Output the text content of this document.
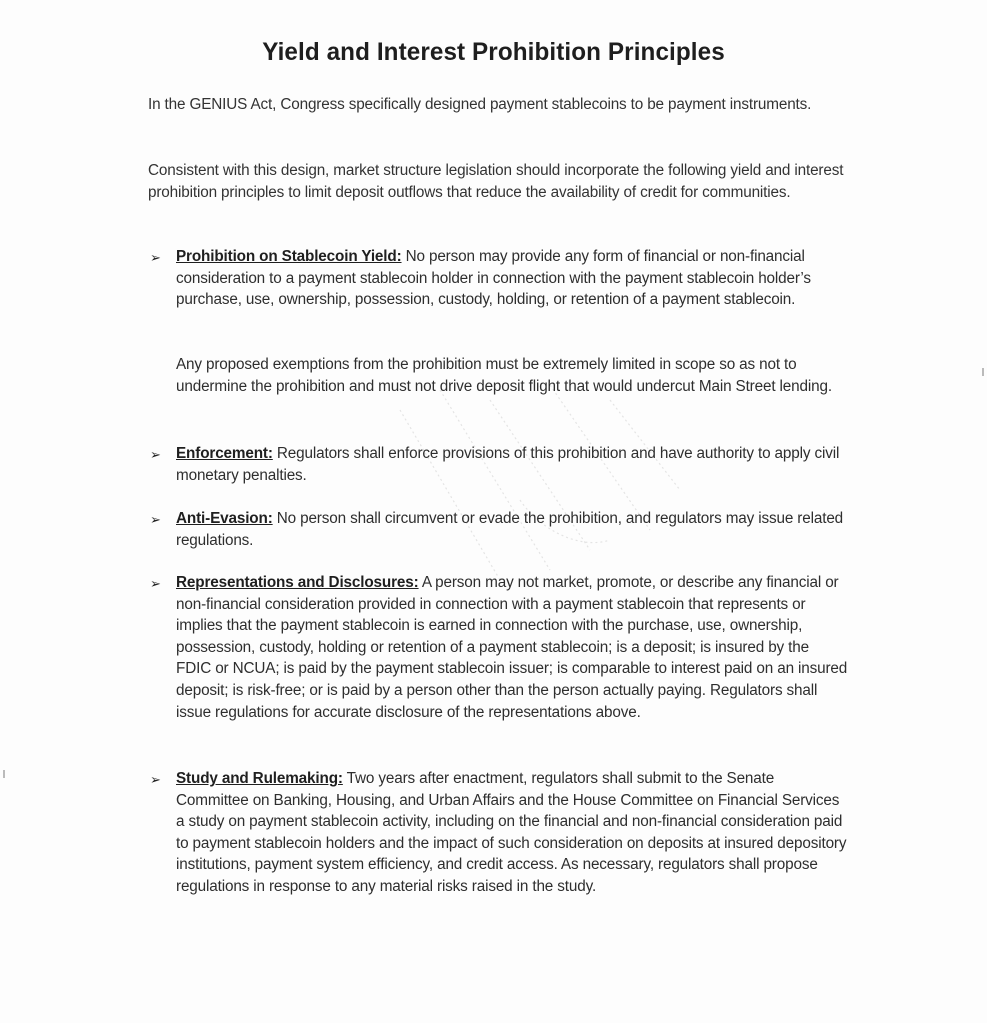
Yield and Interest Prohibition Principles
In the GENIUS Act, Congress specifically designed payment stablecoins to be payment instruments.
Consistent with this design, market structure legislation should incorporate the following yield and interest prohibition principles to limit deposit outflows that reduce the availability of credit for communities.
➢ Prohibition on Stablecoin Yield: No person may provide any form of financial or non-financial consideration to a payment stablecoin holder in connection with the payment stablecoin holder’s purchase, use, ownership, possession, custody, holding, or retention of a payment stablecoin.
Any proposed exemptions from the prohibition must be extremely limited in scope so as not to undermine the prohibition and must not drive deposit flight that would undercut Main Street lending.
➢ Enforcement: Regulators shall enforce provisions of this prohibition and have authority to apply civil monetary penalties.
➢ Anti-Evasion: No person shall circumvent or evade the prohibition, and regulators may issue related regulations.
➢ Representations and Disclosures: A person may not market, promote, or describe any financial or non-financial consideration provided in connection with a payment stablecoin that represents or implies that the payment stablecoin is earned in connection with the purchase, use, ownership, possession, custody, holding or retention of a payment stablecoin; is a deposit; is insured by the FDIC or NCUA; is paid by the payment stablecoin issuer; is comparable to interest paid on an insured deposit; is risk-free; or is paid by a person other than the person actually paying. Regulators shall issue regulations for accurate disclosure of the representations above.
➢ Study and Rulemaking: Two years after enactment, regulators shall submit to the Senate Committee on Banking, Housing, and Urban Affairs and the House Committee on Financial Services a study on payment stablecoin activity, including on the financial and non-financial consideration paid to payment stablecoin holders and the impact of such consideration on deposits at insured depository institutions, payment system efficiency, and credit access. As necessary, regulators shall propose regulations in response to any material risks raised in the study.
